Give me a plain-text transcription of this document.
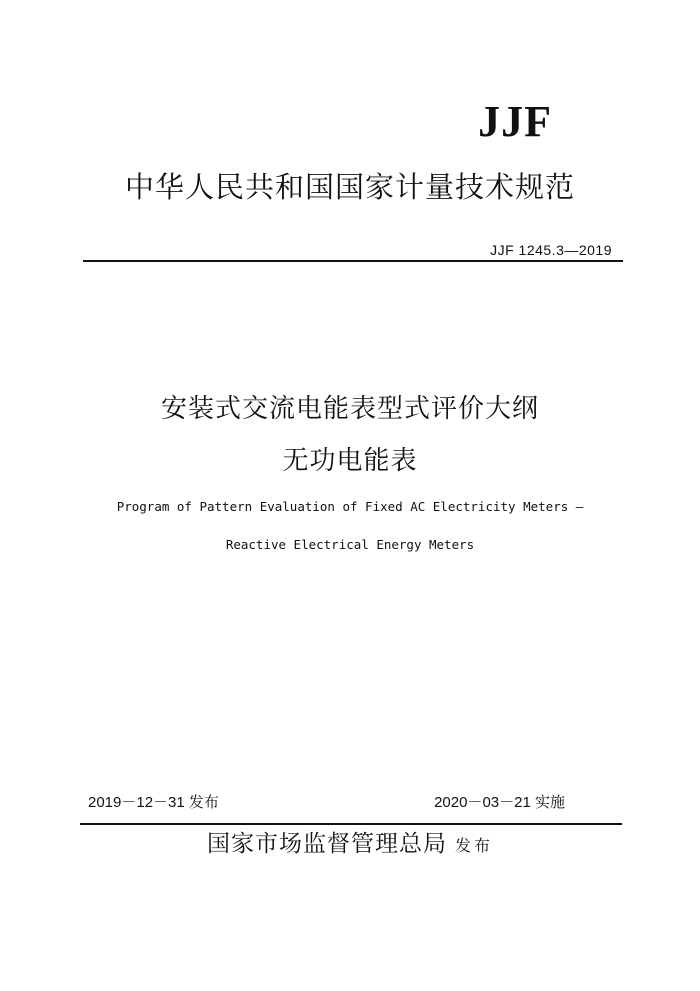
JJF
中华人民共和国国家计量技术规范
JJF 1245.3—2019
安装式交流电能表型式评价大纲
无功电能表
Program of Pattern Evaluation of Fixed AC Electricity Meters —
Reactive Electrical Energy Meters
2019－12－31 发布	2020－03－21 实施
国家市场监督管理总局 发布
